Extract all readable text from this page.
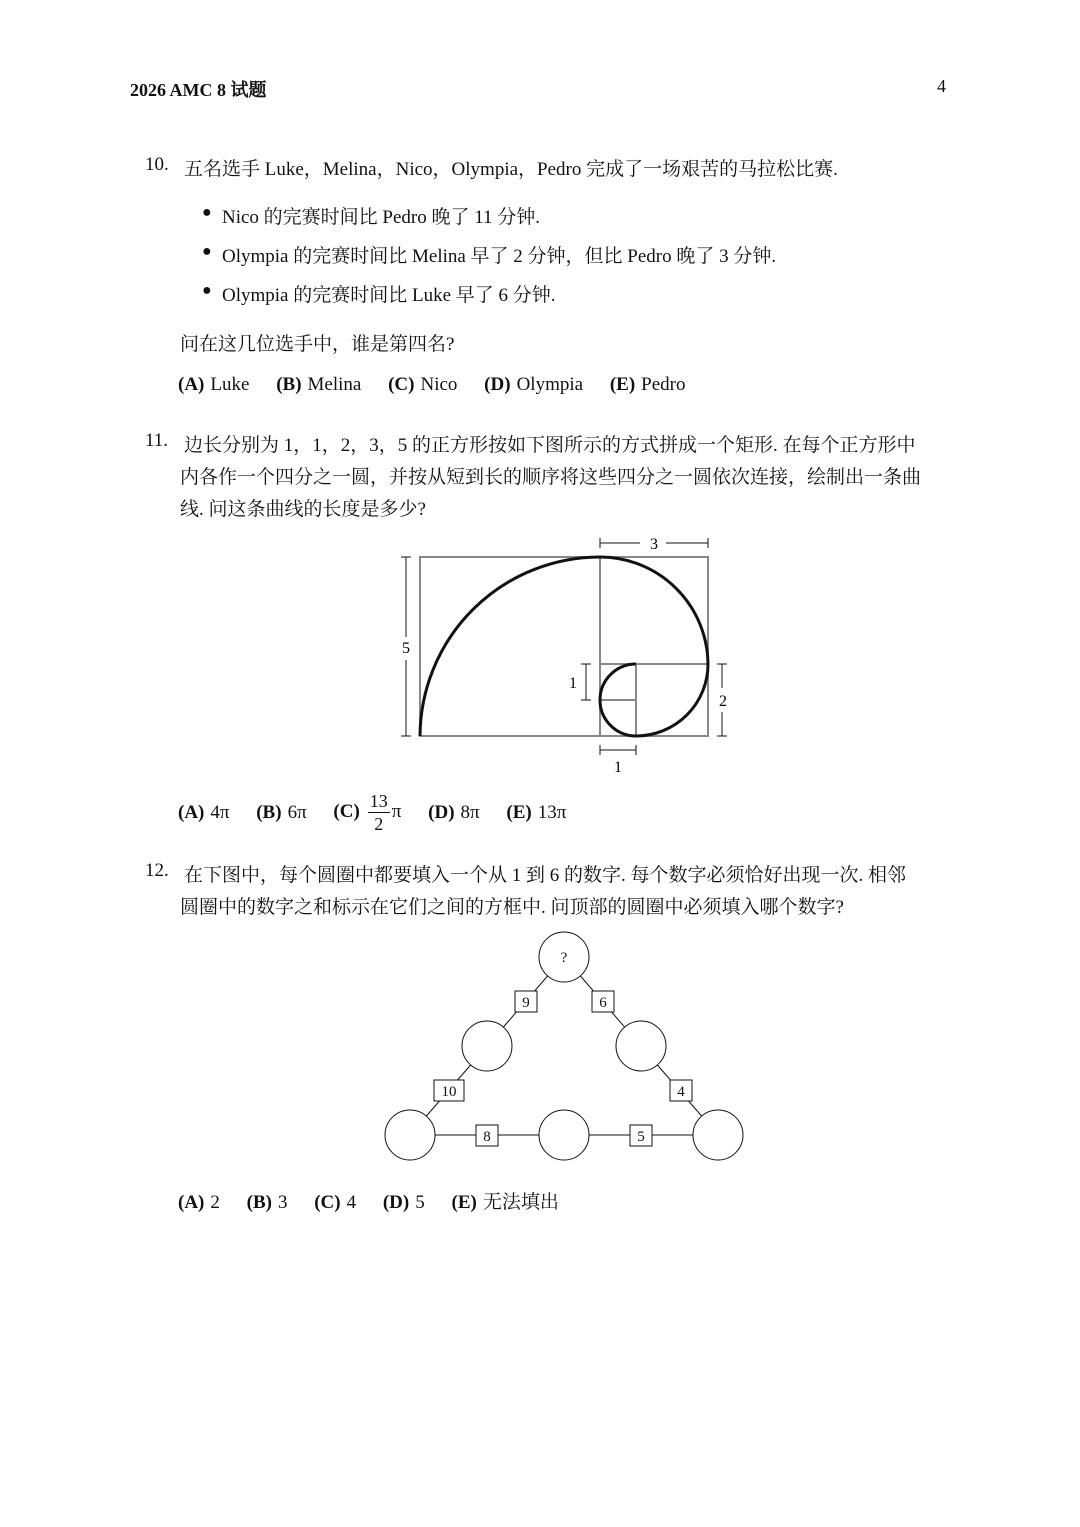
2026 AMC 8 试题	4
10. 五名选手 Luke，Melina，Nico，Olympia，Pedro 完成了一场艰苦的马拉松比赛.
● Nico 的完赛时间比 Pedro 晚了 11 分钟.
● Olympia 的完赛时间比 Melina 早了 2 分钟，但比 Pedro 晚了 3 分钟.
● Olympia 的完赛时间比 Luke 早了 6 分钟.
问在这几位选手中，谁是第四名?
(A) Luke (B) Melina (C) Nico (D) Olympia (E) Pedro
11. 边长分别为 1，1，2，3，5 的正方形按如下图所示的方式拼成一个矩形. 在每个正方形中
内各作一个四分之一圆，并按从短到长的顺序将这些四分之一圆依次连接，绘制出一条曲
线. 问这条曲线的长度是多少?
3
5
1
2
1
(A) 4π (B) 6π $(C) \frac{13}{2}$ π (D) 8π (E) 13π
12. 在下图中，每个圆圈中都要填入一个从 1 到 6 的数字. 每个数字必须恰好出现一次. 相邻
圆圈中的数字之和标示在它们之间的方框中. 问顶部的圆圈中必须填入哪个数字?
?
9	6
10	4
8	5
(A) 2 (B) 3 (C) 4 (D) 5 (E) 无法填出
